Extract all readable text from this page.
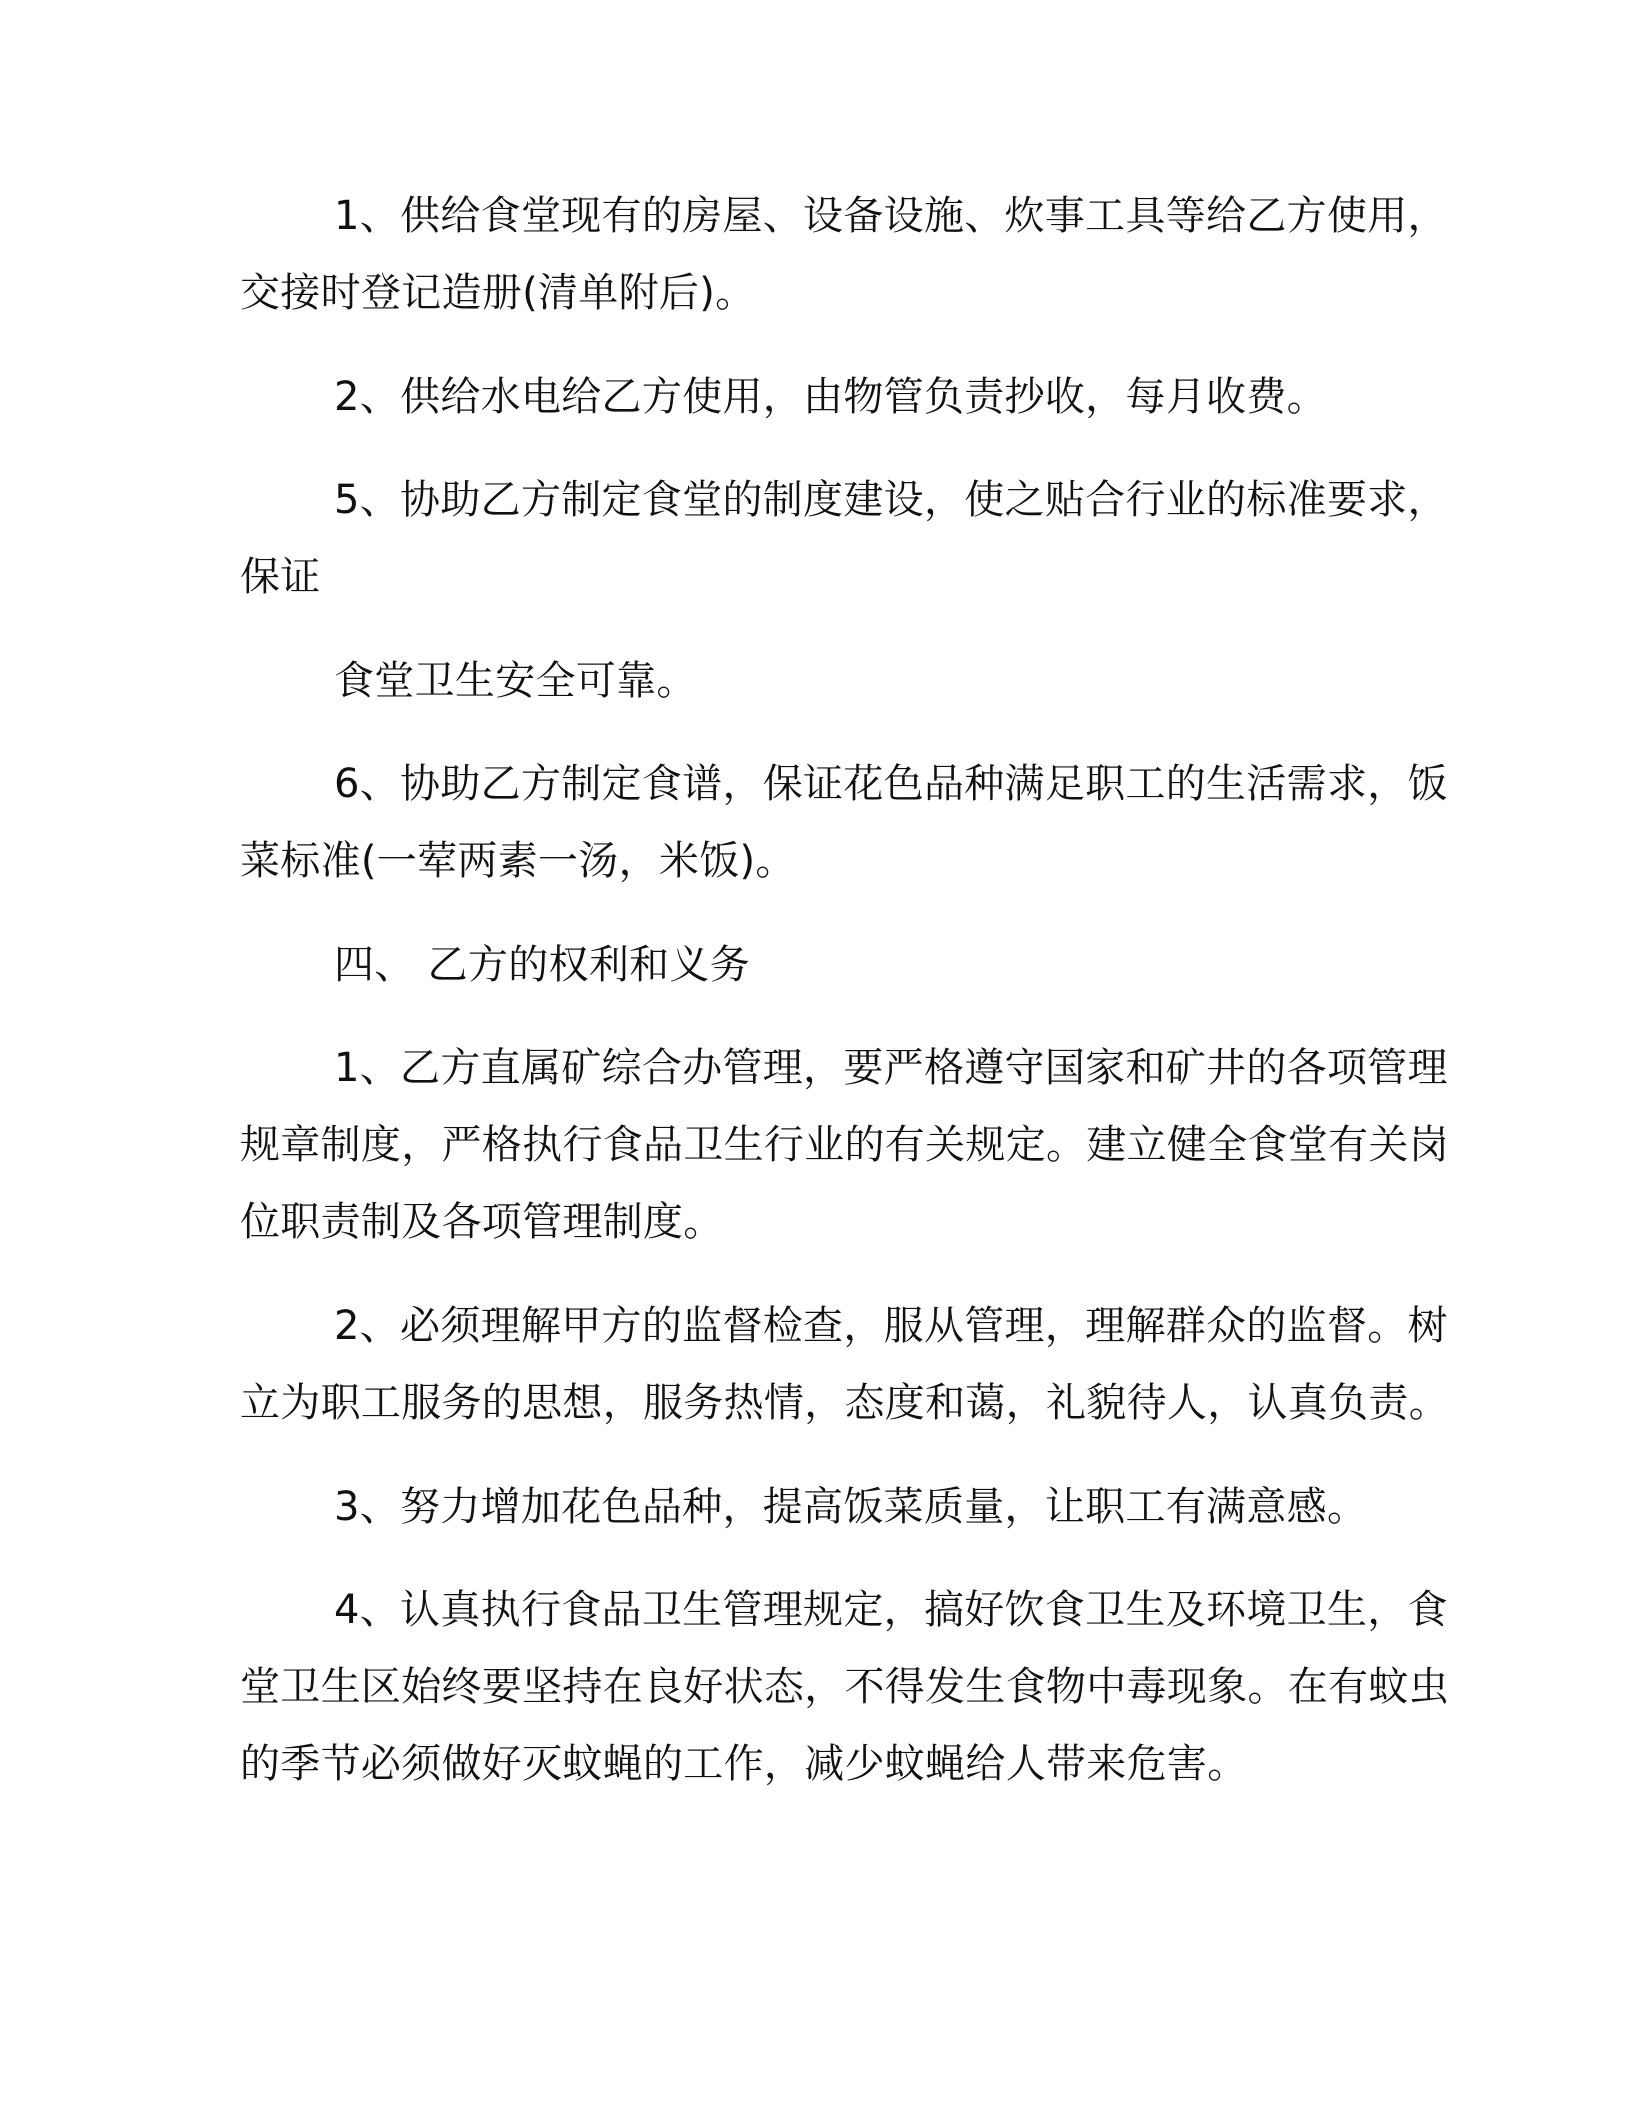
1、供给食堂现有的房屋、设备设施、炊事工具等给乙方使用，
交接时登记造册(清单附后)。
2、供给水电给乙方使用，由物管负责抄收，每月收费。
5、协助乙方制定食堂的制度建设，使之贴合行业的标准要求，
保证
食堂卫生安全可靠。
6、协助乙方制定食谱，保证花色品种满足职工的生活需求，饭
菜标准(一荤两素一汤，米饭)。
四、 乙方的权利和义务
1、乙方直属矿综合办管理，要严格遵守国家和矿井的各项管理
规章制度，严格执行食品卫生行业的有关规定。建立健全食堂有关岗
位职责制及各项管理制度。
2、必须理解甲方的监督检查，服从管理，理解群众的监督。树
立为职工服务的思想，服务热情，态度和蔼，礼貌待人，认真负责。
3、努力增加花色品种，提高饭菜质量，让职工有满意感。
4、认真执行食品卫生管理规定，搞好饮食卫生及环境卫生，食
堂卫生区始终要坚持在良好状态，不得发生食物中毒现象。在有蚊虫
的季节必须做好灭蚊蝇的工作，减少蚊蝇给人带来危害。
